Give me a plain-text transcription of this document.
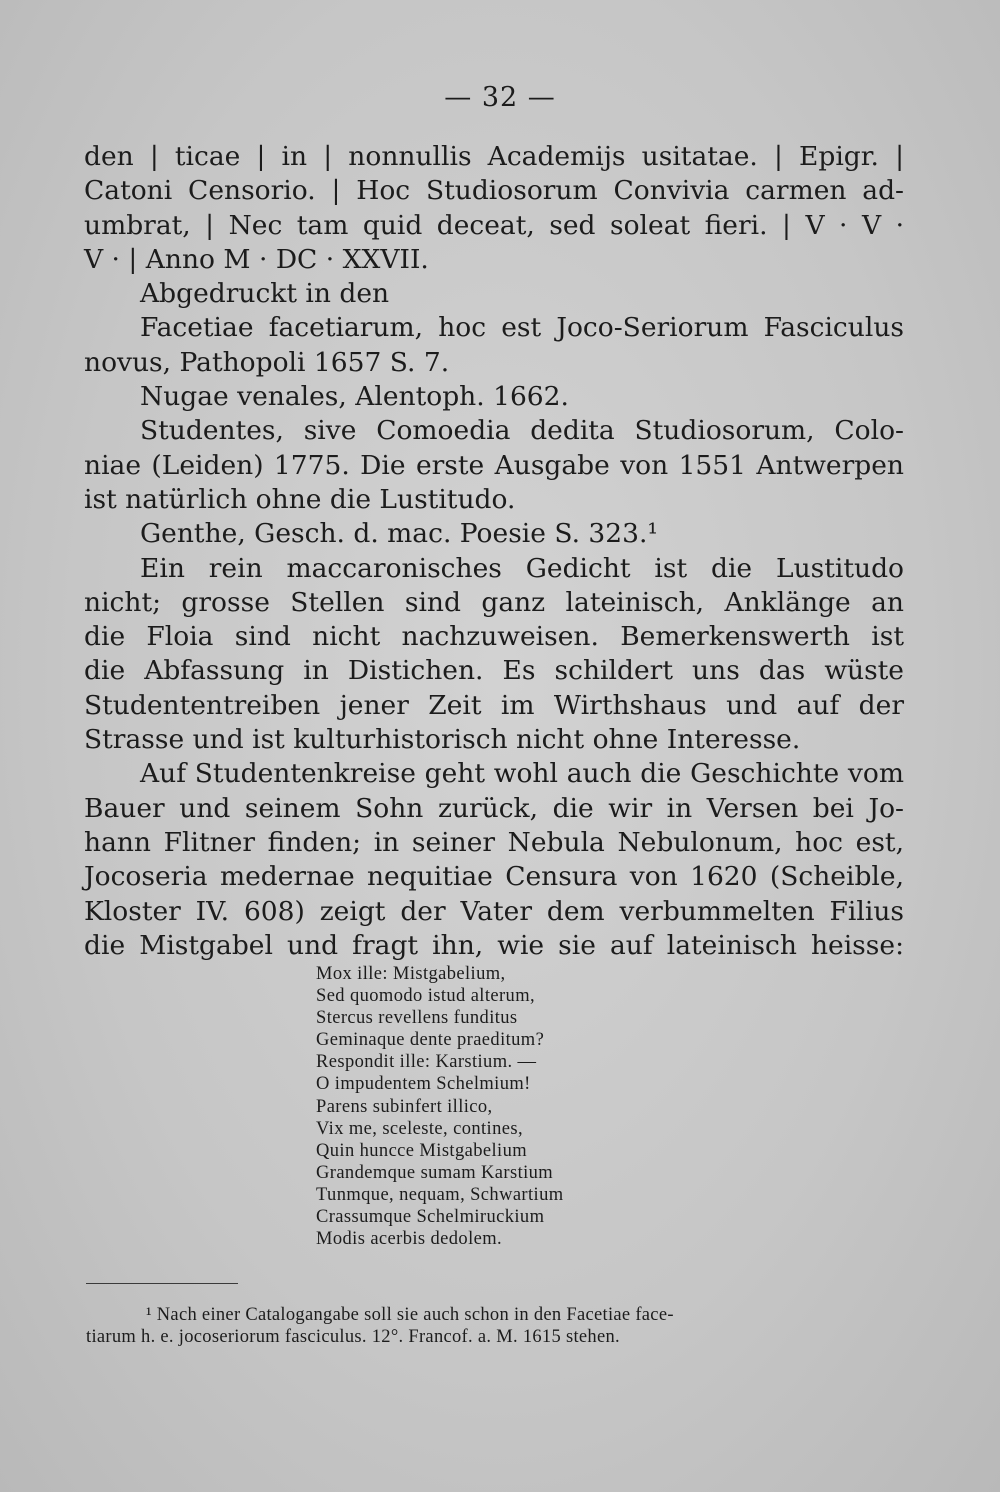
— 32 —
den | ticae | in | nonnullis Academijs usitatae. | Epigr. |
Catoni Censorio. | Hoc Studiosorum Convivia carmen ad-
umbrat, | Nec tam quid deceat, sed soleat fieri. | V · V ·
V · | Anno M · DC · XXVII.
Abgedruckt in den
Facetiae facetiarum, hoc est Joco-Seriorum Fasciculus
novus, Pathopoli 1657 S. 7.
Nugae venales, Alentoph. 1662.
Studentes, sive Comoedia dedita Studiosorum, Colo-
niae (Leiden) 1775. Die erste Ausgabe von 1551 Antwerpen
ist natürlich ohne die Lustitudo.
Genthe, Gesch. d. mac. Poesie S. 323.¹
Ein rein maccaronisches Gedicht ist die Lustitudo
nicht; grosse Stellen sind ganz lateinisch, Anklänge an
die Floia sind nicht nachzuweisen. Bemerkenswerth ist
die Abfassung in Distichen. Es schildert uns das wüste
Studententreiben jener Zeit im Wirthshaus und auf der
Strasse und ist kulturhistorisch nicht ohne Interesse.
Auf Studentenkreise geht wohl auch die Geschichte vom
Bauer und seinem Sohn zurück, die wir in Versen bei Jo-
hann Flitner finden; in seiner Nebula Nebulonum, hoc est,
Jocoseria medernae nequitiae Censura von 1620 (Scheible,
Kloster IV. 608) zeigt der Vater dem verbummelten Filius
die Mistgabel und fragt ihn, wie sie auf lateinisch heisse:
Mox ille: Mistgabelium,
Sed quomodo istud alterum,
Stercus revellens funditus
Geminaque dente praeditum?
Respondit ille: Karstium. —
O impudentem Schelmium!
Parens subinfert illico,
Vix me, sceleste, contines,
Quin huncce Mistgabelium
Grandemque sumam Karstium
Tunmque, nequam, Schwartium
Crassumque Schelmiruckium
Modis acerbis dedolem.
¹ Nach einer Catalogangabe soll sie auch schon in den Facetiae face-
tiarum h. e. jocoseriorum fasciculus. 12°. Francof. a. M. 1615 stehen.
